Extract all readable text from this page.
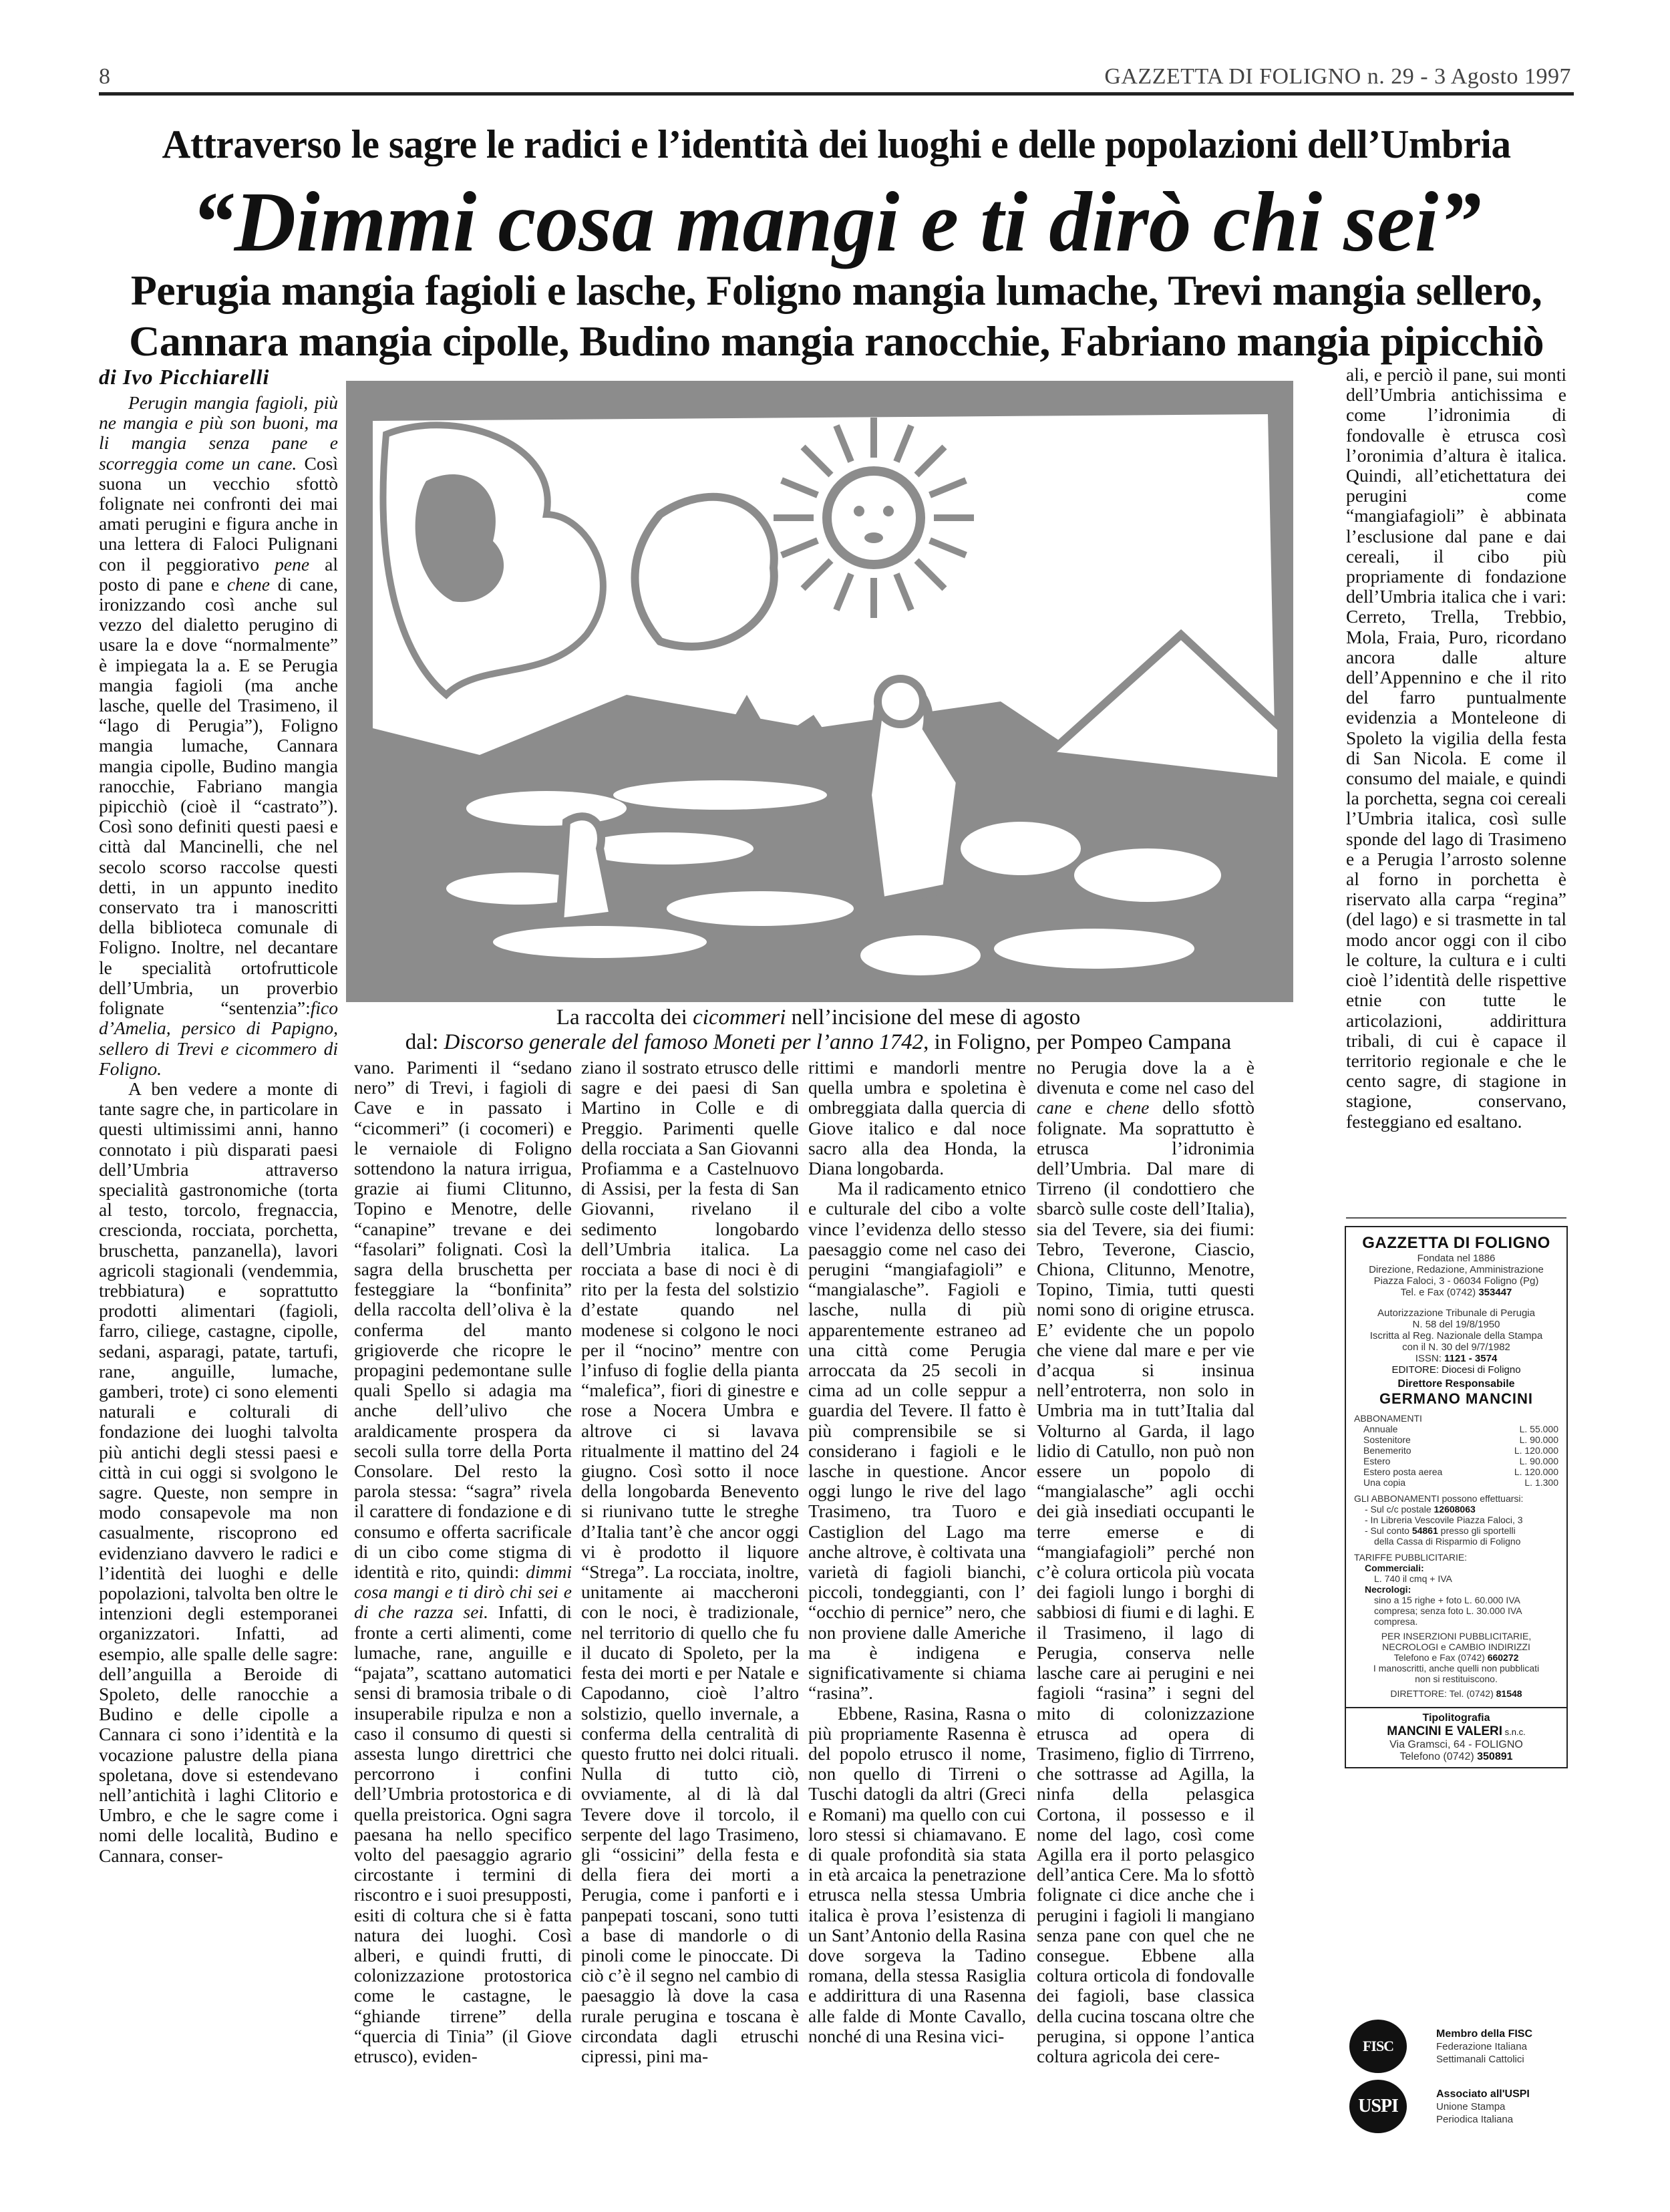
8	GAZZETTA DI FOLIGNO n. 29 - 3 Agosto 1997
Attraverso le sagre le radici e l’identità dei luoghi e delle popolazioni dell’Umbria
“Dimmi cosa mangi e ti dirò chi sei”
Perugia mangia fagioli e lasche, Foligno mangia lumache, Trevi mangia sellero,
Cannara mangia cipolle, Budino mangia ranocchie, Fabriano mangia pipicchiò
di Ivo Picchiarelli

Perugin mangia fagioli, più ne mangia e più son buoni, ma li mangia senza pane e scorreggia come un cane. Così suona un vecchio sfottò folignate nei confronti dei mai amati perugini e figura anche in una lettera di Faloci Pulignani con il peggiorativo pene al posto di pane e chene di cane, ironizzando così anche sul vezzo del dialetto perugino di usare la e dove “normalmente” è impiegata la a. E se Perugia mangia fagioli (ma anche lasche, quelle del Trasimeno, il “lago di Perugia”), Foligno mangia lumache, Cannara mangia cipolle, Budino mangia ranocchie, Fabriano mangia pipicchiò (cioè il “castrato”). Così sono definiti questi paesi e città dal Mancinelli, che nel secolo scorso raccolse questi detti, in un appunto inedito conservato tra i manoscritti della biblioteca comunale di Foligno. Inoltre, nel decantare le specialità ortofrutticole dell’Umbria, un proverbio folignate “sentenzia”:fico d’Amelia, persico di Papigno, sellero di Trevi e cicommero di Foligno.

A ben vedere a monte di tante sagre che, in particolare in questi ultimissimi anni, hanno connotato i più disparati paesi dell’Umbria attraverso specialità gastronomiche (torta al testo, torcolo, fregnaccia, crescionda, rocciata, porchetta, bruschetta, panzanella), lavori agricoli stagionali (vendemmia, trebbiatura) e soprattutto prodotti alimentari (fagioli, farro, ciliege, castagne, cipolle, sedani, asparagi, patate, tartufi, rane, anguille, lumache, gamberi, trote) ci sono elementi naturali e colturali di fondazione dei luoghi talvolta più antichi degli stessi paesi e città in cui oggi si svolgono le sagre. Queste, non sempre in modo consapevole ma non casualmente, riscoprono ed evidenziano davvero le radici e l’identità dei luoghi e delle popolazioni, talvolta ben oltre le intenzioni degli estemporanei organizzatori. Infatti, ad esempio, alle spalle delle sagre: dell’anguilla a Beroide di Spoleto, delle ranocchie a Budino e delle cipolle a Cannara ci sono i’identità e la vocazione palustre della piana spoletana, dove si estendevano nell’antichità i laghi Clitorio e Umbro, e che le sagre come i nomi delle località, Budino e Cannara, conser-

La raccolta dei cicommeri nell’incisione del mese di agosto
dal: Discorso generale del famoso Moneti per l’anno 1742, in Foligno, per Pompeo Campana

vano. Parimenti il “sedano nero” di Trevi, i fagioli di Cave e in passato i “cicommeri” (i cocomeri) e le vernaiole di Foligno sottendono la natura irrigua, grazie ai fiumi Clitunno, Topino e Menotre, delle “canapine” trevane e dei “fasolari” folignati. Così la sagra della bruschetta per festeggiare la “bonfinita” della raccolta dell’oliva è la conferma del manto grigioverde che ricopre le propagini pedemontane sulle quali Spello si adagia ma anche dell’ulivo che araldicamente prospera da secoli sulla torre della Porta Consolare. Del resto la parola stessa: “sagra” rivela il carattere di fondazione e di consumo e offerta sacrificale di un cibo come stigma di identità e rito, quindi: dimmi cosa mangi e ti dirò chi sei e di che razza sei. Infatti, di fronte a certi alimenti, come lumache, rane, anguille e “pajata”, scattano automatici sensi di bramosia tribale o di insuperabile ripulza e non a caso il consumo di questi si assesta lungo direttrici che percorrono i confini dell’Umbria protostorica e di quella preistorica. Ogni sagra paesana ha nello specifico volto del paesaggio agrario circostante i termini di riscontro e i suoi presupposti, esiti di coltura che si è fatta natura dei luoghi. Così alberi, e quindi frutti, di colonizzazione protostorica come le castagne, le “ghiande tirrene” della “quercia di Tinia” (il Giove etrusco), eviden-

ziano il sostrato etrusco delle sagre e dei paesi di San Martino in Colle e di Preggio. Parimenti quelle della rocciata a San Giovanni Profiamma e a Castelnuovo di Assisi, per la festa di San Giovanni, rivelano il sedimento longobardo dell’Umbria italica. La rocciata a base di noci è di rito per la festa del solstizio d’estate quando nel modenese si colgono le noci per il “nocino” mentre con l’infuso di foglie della pianta “malefica”, fiori di ginestre e rose a Nocera Umbra e altrove ci si lavava ritualmente il mattino del 24 giugno. Così sotto il noce della longobarda Benevento si riunivano tutte le streghe d’Italia tant’è che ancor oggi vi è prodotto il liquore “Strega”. La rocciata, inoltre, unitamente ai maccheroni con le noci, è tradizionale, nel territorio di quello che fu il ducato di Spoleto, per la festa dei morti e per Natale e Capodanno, cioè l’altro solstizio, quello invernale, a conferma della centralità di questo frutto nei dolci rituali. Nulla di tutto ciò, ovviamente, al di là dal Tevere dove il torcolo, il serpente del lago Trasimeno, gli “ossicini” della festa e della fiera dei morti a Perugia, come i panforti e i panpepati toscani, sono tutti a base di mandorle o di pinoli come le pinoccate. Di ciò c’è il segno nel cambio di paesaggio là dove la casa rurale perugina e toscana è circondata dagli etruschi cipressi, pini ma-

rittimi e mandorli mentre quella umbra e spoletina è ombreggiata dalla quercia di Giove italico e dal noce sacro alla dea Honda, la Diana longobarda.

Ma il radicamento etnico e culturale del cibo a volte vince l’evidenza dello stesso paesaggio come nel caso dei perugini “mangiafagioli” e “mangialasche”. Fagioli e lasche, nulla di più apparentemente estraneo ad una città come Perugia arroccata da 25 secoli in cima ad un colle seppur a guardia del Tevere. Il fatto è più comprensibile se si considerano i fagioli e le lasche in questione. Ancor oggi lungo le rive del lago Trasimeno, tra Tuoro e Castiglion del Lago ma anche altrove, è coltivata una varietà di fagioli bianchi, piccoli, tondeggianti, con l’ “occhio di pernice” nero, che non proviene dalle Americhe ma è indigena e significativamente si chiama “rasina”.

Ebbene, Rasina, Rasna o più propriamente Rasenna è del popolo etrusco il nome, non quello di Tirreni o Tuschi datogli da altri (Greci e Romani) ma quello con cui loro stessi si chiamavano. E di quale profondità sia stata in età arcaica la penetrazione etrusca nella stessa Umbria italica è prova l’esistenza di un Sant’Antonio della Rasina dove sorgeva la Tadino romana, della stessa Rasiglia e addirittura di una Rasenna alle falde di Monte Cavallo, nonché di una Resina vici-

no Perugia dove la a è divenuta e come nel caso del cane e chene dello sfottò folignate. Ma soprattutto è etrusca l’idronimia dell’Umbria. Dal mare di Tirreno (il condottiero che sbarcò sulle coste dell’Italia), sia del Tevere, sia dei fiumi: Tebro, Teverone, Ciascio, Chiona, Clitunno, Menotre, Topino, Timia, tutti questi nomi sono di origine etrusca. E’ evidente che un popolo che viene dal mare e per vie d’acqua si insinua nell’entroterra, non solo in Umbria ma in tutt’Italia dal Volturno al Garda, il lago lidio di Catullo, non può non essere un popolo di “mangialasche” agli occhi dei già insediati occupanti le terre emerse e di “mangiafagioli” perché non c’è colura orticola più vocata dei fagioli lungo i borghi di sabbiosi di fiumi e di laghi. E il Trasimeno, il lago di Perugia, conserva nelle lasche care ai perugini e nei fagioli “rasina” i segni del mito di colonizzazione etrusca ad opera di Trasimeno, figlio di Tirrreno, che sottrasse ad Agilla, la ninfa della pelasgica Cortona, il possesso e il nome del lago, così come Agilla era il porto pelasgico dell’antica Cere. Ma lo sfottò folignate ci dice anche che i perugini i fagioli li mangiano senza pane con quel che ne consegue. Ebbene alla coltura orticola di fondovalle dei fagioli, base classica della cucina toscana oltre che perugina, si oppone l’antica coltura agricola dei cere-

ali, e perciò il pane, sui monti dell’Umbria antichissima e come l’idronimia di fondovalle è etrusca così l’oronimia d’altura è italica. Quindi, all’etichettatura dei perugini come “mangiafagioli” è abbinata l’esclusione dal pane e dai cereali, il cibo più propriamente di fondazione dell’Umbria italica che i vari: Cerreto, Trella, Trebbio, Mola, Fraia, Puro, ricordano ancora dalle alture dell’Appennino e che il rito del farro puntualmente evidenzia a Monteleone di Spoleto la vigilia della festa di San Nicola. E come il consumo del maiale, e quindi la porchetta, segna coi cereali l’Umbria italica, così sulle sponde del lago di Trasimeno e a Perugia l’arrosto solenne al forno in porchetta è riservato alla carpa “regina” (del lago) e si trasmette in tal modo ancor oggi con il cibo le colture, la cultura e i culti cioè l’identità delle rispettive etnie con tutte le articolazioni, addirittura tribali, di cui è capace il territorio regionale e che le cento sagre, di stagione in stagione, conservano, festeggiano ed esaltano.

GAZZETTA DI FOLIGNO
Fondata nel 1886
Direzione, Redazione, Amministrazione
Piazza Faloci, 3 - 06034 Foligno (Pg)
Tel. e Fax (0742) 353447
Autorizzazione Tribunale di Perugia
N. 58 del 19/8/1950
Iscritta al Reg. Nazionale della Stampa
con il N. 30 del 9/7/1982
ISSN: 1121 - 3574
EDITORE: Diocesi di Foligno
Direttore Responsabile
GERMANO MANCINI
ABBONAMENTI
Annuale	L. 55.000
Sostenitore	L. 90.000
Benemerito	L. 120.000
Estero	L. 90.000
Estero posta aerea	L. 120.000
Una copia	L. 1.300
GLI ABBONAMENTI possono effettuarsi:
- Sul c/c postale 12608063
- In Libreria Vescovile Piazza Faloci, 3
- Sul conto 54861 presso gli sportelli
della Cassa di Risparmio di Foligno
TARIFFE PUBBLICITARIE:
Commerciali:
L. 740 il cmq + IVA
Necrologi:
sino a 15 righe + foto L. 60.000 IVA
compresa; senza foto L. 30.000 IVA
compresa.
PER INSERZIONI PUBBLICITARIE,
NECROLOGI e CAMBIO INDIRIZZI
Telefono e Fax (0742) 660272
I manoscritti, anche quelli non pubblicati
non si restituiscono.
DIRETTORE: Tel. (0742) 81548
Tipolitografia
MANCINI E VALERI s.n.c.
Via Gramsci, 64 - FOLIGNO
Telefono (0742) 350891
FISC
Membro della FISC
Federazione Italiana
Settimanali Cattolici
USPI
Associato all'USPI
Unione Stampa
Periodica Italiana
